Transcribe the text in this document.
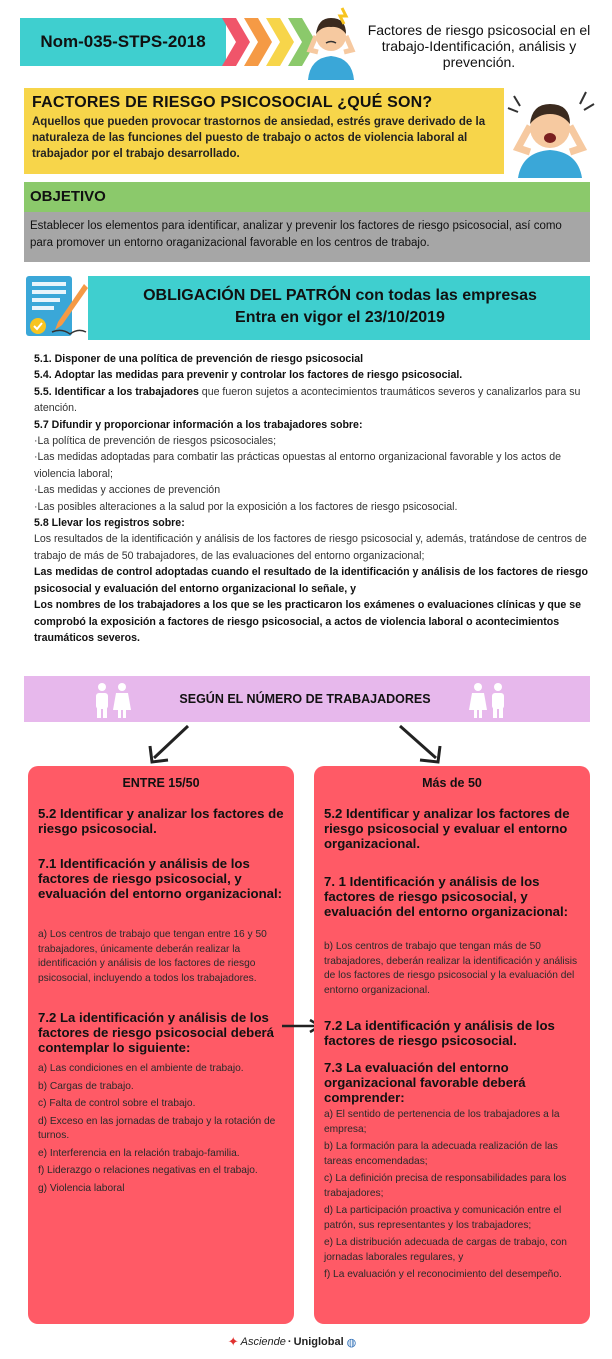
Nom-035-STPS-2018
Factores de riesgo psicosocial en el trabajo-Identificación, análisis y prevención.
FACTORES DE RIESGO PSICOSOCIAL ¿QUÉ SON?
Aquellos que pueden provocar trastornos de ansiedad, estrés grave derivado de la naturaleza de las funciones del puesto de trabajo o actos de violencia laboral al trabajador por el trabajo desarrollado.
OBJETIVO
Establecer los elementos para identificar, analizar y prevenir los factores de riesgo psicosocial, así como para promover un entorno oraganizacional favorable en los centros de trabajo.
OBLIGACIÓN DEL PATRÓN con todas las empresas
Entra en vigor el 23/10/2019

5.1. Disponer de una política de prevención de riesgo psicosocial

5.4. Adoptar las medidas para prevenir y controlar los factores de riesgo psicosocial.

5.5. Identificar a los trabajadores que fueron sujetos a acontecimientos traumáticos severos y canalizarlos para su atención.

5.7 Difundir y proporcionar información a los trabajadores sobre:

·La política de prevención de riesgos psicosociales;

·Las medidas adoptadas para combatir las prácticas opuestas al entorno organizacional favorable y los actos de violencia laboral;

·Las medidas y acciones de prevención

·Las posibles alteraciones a la salud por la exposición a los factores de riesgo psicosocial.

5.8 Llevar los registros sobre:

Los resultados de la identificación y análisis de los factores de riesgo psicosocial y, además, tratándose de centros de trabajo de más de 50 trabajadores, de las evaluaciones del entorno organizacional;

Las medidas de control adoptadas cuando el resultado de la identificación y análisis de los factores de riesgo psicosocial y evaluación del entorno organizacional lo señale, y

Los nombres de los trabajadores a los que se les practicaron los exámenes o evaluaciones clínicas y que se comprobó la exposición a factores de riesgo psicosocial, a actos de violencia laboral o acontecimientos traumáticos severos.

SEGÚN EL NÚMERO DE TRABAJADORES
ENTRE 15/50
5.2 Identificar y analizar los factores de riesgo psicosocial.
7.1 Identificación y análisis de los factores de riesgo psicosocial, y evaluación del entorno organizacional:
a) Los centros de trabajo que tengan entre 16 y 50 trabajadores, únicamente deberán realizar la identificación y análisis de los factores de riesgo psicosocial, incluyendo a todos los trabajadores.
7.2 La identificación y análisis de los factores de riesgo psicosocial deberá contemplar lo siguiente:

a) Las condiciones en el ambiente de trabajo.

b) Cargas de trabajo.

c) Falta de control sobre el trabajo.

d) Exceso en las jornadas de trabajo y la rotación de turnos.

e) Interferencia en la relación trabajo-familia.

f) Liderazgo o relaciones negativas en el trabajo.

g) Violencia laboral

Más de 50
5.2 Identificar y analizar los factores de riesgo psicosocial y evaluar el entorno organizacional.
7. 1 Identificación y análisis de los factores de riesgo psicosocial, y evaluación del entorno organizacional:
b) Los centros de trabajo que tengan más de 50 trabajadores, deberán realizar la identificación y análisis de los factores de riesgo psicosocial y la evaluación del entorno organizacional.
7.2 La identificación y análisis de los factores de riesgo psicosocial.
7.3 La evaluación del entorno organizacional favorable deberá comprender:

a) El sentido de pertenencia de los trabajadores a la empresa;

b) La formación para la adecuada realización de las tareas encomendadas;

c) La definición precisa de responsabilidades para los trabajadores;

d) La participación proactiva y comunicación entre el patrón, sus representantes y los trabajadores;

e) La distribución adecuada de cargas de trabajo, con jornadas laborales regulares, y

f) La evaluación y el reconocimiento del desempeño.

✦ Asciende · Uniglobal ◍
